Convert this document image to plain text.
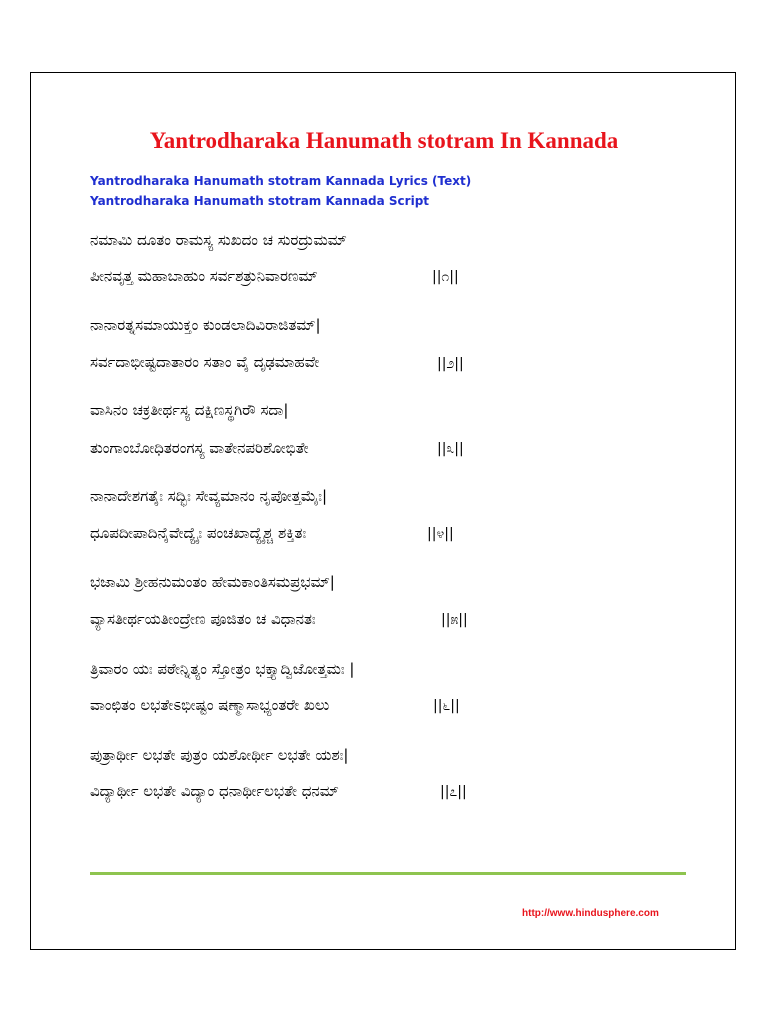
Yantrodharaka Hanumath stotram In Kannada
Yantrodharaka Hanumath stotram Kannada Lyrics (Text)
Yantrodharaka Hanumath stotram Kannada Script
ನಮಾಮಿ ದೂತಂ ರಾಮಸ್ಯ ಸುಖದಂ ಚ ಸುರದ್ರುಮಮ್
ಪೀನವೃತ್ತ ಮಹಾಬಾಹುಂ ಸರ್ವಶತ್ರುನಿವಾರಣಮ್	||೧||
ನಾನಾರತ್ನಸಮಾಯುಕ್ತಂ ಕುಂಡಲಾದಿವಿರಾಜಿತಮ್|
ಸರ್ವದಾಭೀಷ್ಟದಾತಾರಂ ಸತಾಂ ವೈ ದೃಢಮಾಹವೇ	||೨||
ವಾಸಿನಂ ಚಕ್ರತೀರ್ಥಸ್ಯ ದಕ್ಷಿಣಸ್ಥಗಿರೌ ಸದಾ|
ತುಂಗಾಂಬೋಧಿತರಂಗಸ್ಯ ವಾತೇನಪರಿಶೋಭಿತೇ	||೩||
ನಾನಾದೇಶಗತೈಃ ಸದ್ಭಿಃ ಸೇವ್ಯಮಾನಂ ನೃಪೋತ್ತಮೈಃ|
ಧೂಪದೀಪಾದಿನೈವೇದ್ಯೈಃ ಪಂಚಖಾದ್ಯೈಶ್ಚ ಶಕ್ತಿತಃ	||೪||
ಭಜಾಮಿ ಶ್ರೀಹನುಮಂತಂ ಹೇಮಕಾಂತಿಸಮಪ್ರಭಮ್|
ವ್ಯಾಸತೀರ್ಥಯತೀಂದ್ರೇಣ ಪೂಜಿತಂ ಚ ವಿಧಾನತಃ	||೫||
ತ್ರಿವಾರಂ ಯಃ ಪಠೇನ್ನಿತ್ಯಂ ಸ್ತೋತ್ರಂ ಭಕ್ತ್ಯಾದ್ವಿಜೋತ್ತಮಃ |
ವಾಂಛಿತಂ ಲಭತೇಽಭೀಷ್ಟಂ ಷಣ್ಮಾಸಾಭ್ಯಂತರೇ ಖಲು	||೬||
ಪುತ್ರಾರ್ಥೀ ಲಭತೇ ಪುತ್ರಂ ಯಶೋರ್ಥೀ ಲಭತೇ ಯಶಃ|
ವಿದ್ಯಾರ್ಥೀ ಲಭತೇ ವಿದ್ಯಾಂ ಧನಾರ್ಥೀಲಭತೇ ಧನಮ್	||೭||
http://www.hindusphere.com
